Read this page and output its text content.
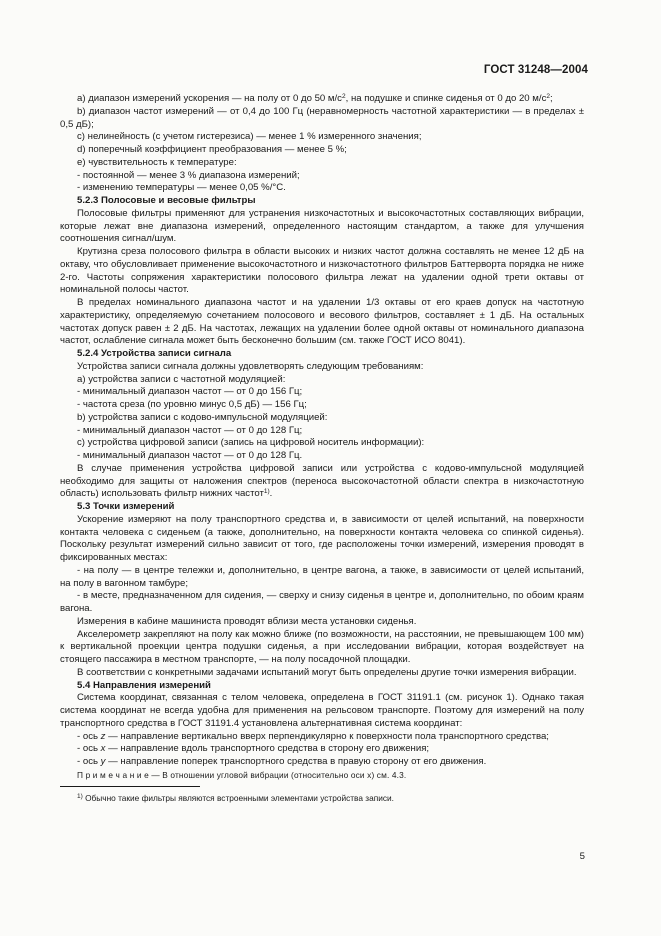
ГОСТ 31248—2004

а) диапазон измерений ускорения — на полу от 0 до 50 $м/с^2$, на подушке и спинке сиденья от 0 до 20 $м/с^2$;

b) диапазон частот измерений — от 0,4 до 100 Гц (неравномерность частотной характеристики — в пределах ± 0,5 дБ);

с) нелинейность (с учетом гистерезиса) — менее 1 % измеренного значения;

d) поперечный коэффициент преобразования — менее 5 %;

е) чувствительность к температуре:

- постоянной — менее 3 % диапазона измерений;

- изменению температуры — менее 0,05 %/°С.

5.2.3 Полосовые и весовые фильтры

Полосовые фильтры применяют для устранения низкочастотных и высокочастотных составляющих вибрации, которые лежат вне диапазона измерений, определенного настоящим стандартом, а также для улучшения соотношения сигнал/шум.

Крутизна среза полосового фильтра в области высоких и низких частот должна составлять не менее 12 дБ на октаву, что обусловливает применение высокочастотного и низкочастотного фильтров Баттерворта порядка не ниже 2-го. Частоты сопряжения характеристики полосового фильтра лежат на удалении одной трети октавы от номинальной полосы частот.

В пределах номинального диапазона частот и на удалении 1/3 октавы от его краев допуск на частотную характеристику, определяемую сочетанием полосового и весового фильтров, составляет ± 1 дБ. На остальных частотах допуск равен ± 2 дБ. На частотах, лежащих на удалении более одной октавы от номинального диапазона частот, ослабление сигнала может быть бесконечно большим (см. также ГОСТ ИСО 8041).

5.2.4 Устройства записи сигнала

Устройства записи сигнала должны удовлетворять следующим требованиям:

а) устройства записи с частотной модуляцией:

- минимальный диапазон частот — от 0 до 156 Гц;

- частота среза (по уровню минус 0,5 дБ) — 156 Гц;

b) устройства записи с кодово-импульсной модуляцией:

- минимальный диапазон частот — от 0 до 128 Гц;

с) устройства цифровой записи (запись на цифровой носитель информации):

- минимальный диапазон частот — от 0 до 128 Гц.

В случае применения устройства цифровой записи или устройства с кодово-импульсной модуляцией необходимо для защиты от наложения спектров (переноса высокочастотной области спектра в низкочастотную область) использовать фильтр нижних частот$^{1)}$.

5.3 Точки измерений

Ускорение измеряют на полу транспортного средства и, в зависимости от целей испытаний, на поверхности контакта человека с сиденьем (а также, дополнительно, на поверхности контакта человека со спинкой сиденья). Поскольку результат измерений сильно зависит от того, где расположены точки измерений, измерения проводят в фиксированных местах:

- на полу — в центре тележки и, дополнительно, в центре вагона, а также, в зависимости от целей испытаний, на полу в вагонном тамбуре;

- в месте, предназначенном для сидения, — сверху и снизу сиденья в центре и, дополнительно, по обоим краям вагона.

Измерения в кабине машиниста проводят вблизи места установки сиденья.

Акселерометр закрепляют на полу как можно ближе (по возможности, на расстоянии, не превышающем 100 мм) к вертикальной проекции центра подушки сиденья, а при исследовании вибрации, которая воздействует на стоящего пассажира в местном транспорте, — на полу посадочной площадки.

В соответствии с конкретными задачами испытаний могут быть определены другие точки измерения вибрации.

5.4 Направления измерений

Система координат, связанная с телом человека, определена в ГОСТ 31191.1 (см. рисунок 1). Однако такая система координат не всегда удобна для применения на рельсовом транспорте. Поэтому для измерений на полу транспортного средства в ГОСТ 31191.4 установлена альтернативная система координат:

- ось z — направление вертикально вверх перпендикулярно к поверхности пола транспортного средства;

- ось x — направление вдоль транспортного средства в сторону его движения;

- ось y — направление поперек транспортного средства в правую сторону от его движения.

П р и м е ч а н и е — В отношении угловой вибрации (относительно оси x) см. 4.3.

$^{1)}$ Обычно такие фильтры являются встроенными элементами устройства записи.

5
